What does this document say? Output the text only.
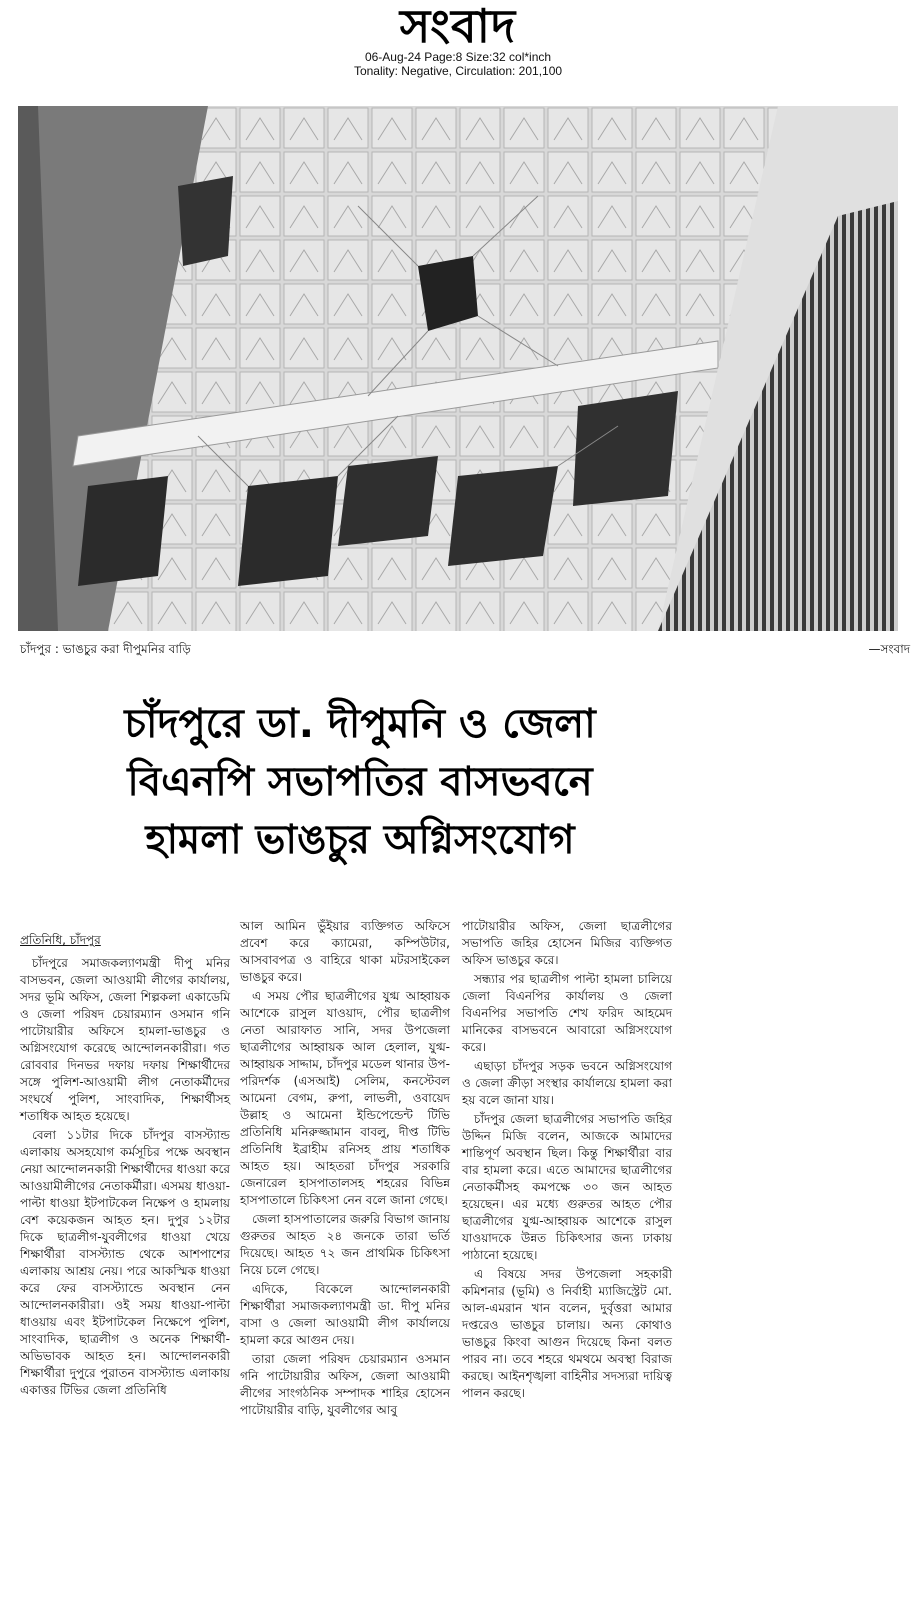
সংবাদ
06-Aug-24 Page:8 Size:32 col*inch
Tonality: Negative, Circulation: 201,100
চাঁদপুর : ভাঙচুর করা দীপুমনির বাড়ি	—সংবাদ
চাঁদপুরে ডা. দীপুমনি ও জেলা
বিএনপি সভাপতির বাসভবনে
হামলা ভাঙচুর অগ্নিসংযোগ

প্রতিনিধি, চাঁদপুর

চাঁদপুরে সমাজকল্যাণমন্ত্রী দীপু মনির বাসভবন, জেলা আওয়ামী লীগের কার্যালয়, সদর ভূমি অফিস, জেলা শিল্পকলা একাডেমি ও জেলা পরিষদ চেয়ারম্যান ওসমান গনি পাটোয়ারীর অফিসে হামলা-ভাঙচুর ও অগ্নিসংযোগ করেছে আন্দোলনকারীরা। গত রোববার দিনভর দফায় দফায় শিক্ষার্থীদের সঙ্গে পুলিশ-আওয়ামী লীগ নেতাকর্মীদের সংঘর্ষে পুলিশ, সাংবাদিক, শিক্ষার্থীসহ শতাধিক আহত হয়েছে।

বেলা ১১টার দিকে চাঁদপুর বাসস্ট্যান্ড এলাকায় অসহযোগ কর্মসূচির পক্ষে অবস্থান নেয়া আন্দোলনকারী শিক্ষার্থীদের ধাওয়া করে আওয়ামীলীগের নেতাকর্মীরা। এসময় ধাওয়া-পাল্টা ধাওয়া ইটপাটকেল নিক্ষেপ ও হামলায় বেশ কয়েকজন আহত হন। দুপুর ১২টার দিকে ছাত্রলীগ-যুবলীগের ধাওয়া খেয়ে শিক্ষার্থীরা বাসস্ট্যান্ড থেকে আশপাশের এলাকায় আশ্রয় নেয়। পরে আকস্মিক ধাওয়া করে ফের বাসস্ট্যান্ডে অবস্থান নেন আন্দোলনকারীরা। ওই সময় ধাওয়া-পাল্টা ধাওয়ায় এবং ইটপাটকেল নিক্ষেপে পুলিশ, সাংবাদিক, ছাত্রলীগ ও অনেক শিক্ষার্থী-অভিভাবক আহত হন। আন্দোলনকারী শিক্ষার্থীরা দুপুরে পুরাতন বাসস্ট্যান্ড এলাকায় একাত্তর টিভির জেলা প্রতিনিধি

আল আমিন ভুঁইয়ার ব্যক্তিগত অফিসে প্রবেশ করে ক্যামেরা, কম্পিউটার, আসবাবপত্র ও বাহিরে থাকা মটরসাইকেল ভাঙচুর করে।

এ সময় পৌর ছাত্রলীগের যুগ্ম আহ্বায়ক আশেকে রাসুল যাওয়াদ, পৌর ছাত্রলীগ নেতা আরাফাত সানি, সদর উপজেলা ছাত্রলীগের আহ্বায়ক আল হেলাল, যুগ্ম-আহ্বায়ক সাদ্দাম, চাঁদপুর মডেল থানার উপ-পরিদর্শক (এসআই) সেলিম, কনস্টেবল আমেনা বেগম, রুপা, লাভলী, ওবায়েদ উল্লাহ ও আমেনা ইন্ডিপেন্ডেন্ট টিভি প্রতিনিধি মনিরুজ্জামান বাবলু, দীপ্ত টিভি প্রতিনিধি ইব্রাহীম রনিসহ প্রায় শতাধিক আহত হয়। আহতরা চাঁদপুর সরকারি জেনারেল হাসপাতালসহ শহরের বিভিন্ন হাসপাতালে চিকিৎসা নেন বলে জানা গেছে।

জেলা হাসপাতালের জরুরি বিভাগ জানায় গুরুতর আহত ২৪ জনকে তারা ভর্তি দিয়েছে। আহত ৭২ জন প্রাথমিক চিকিৎসা নিয়ে চলে গেছে।

এদিকে, বিকেলে আন্দোলনকারী শিক্ষার্থীরা সমাজকল্যাণমন্ত্রী ডা. দীপু মনির বাসা ও জেলা আওয়ামী লীগ কার্যালয়ে হামলা করে আগুন দেয়।

তারা জেলা পরিষদ চেয়ারম্যান ওসমান গনি পাটোয়ারীর অফিস, জেলা আওয়ামী লীগের সাংগঠনিক সম্পাদক শাহির হোসেন পাটোয়ারীর বাড়ি, যুবলীগের আবু

পাটোয়ারীর অফিস, জেলা ছাত্রলীগের সভাপতি জহির হোসেন মিজির ব্যক্তিগত অফিস ভাঙচুর করে।

সন্ধ্যার পর ছাত্রলীগ পাল্টা হামলা চালিয়ে জেলা বিএনপির কার্যালয় ও জেলা বিএনপির সভাপতি শেখ ফরিদ আহমেদ মানিকের বাসভবনে আবারো অগ্নিসংযোগ করে।

এছাড়া চাঁদপুর সড়ক ভবনে অগ্নিসংযোগ ও জেলা ক্রীড়া সংস্থার কার্যালয়ে হামলা করা হয় বলে জানা যায়।

চাঁদপুর জেলা ছাত্রলীগের সভাপতি জহির উদ্দিন মিজি বলেন, আজকে আমাদের শান্তিপূর্ণ অবস্থান ছিল। কিন্তু শিক্ষার্থীরা বার বার হামলা করে। এতে আমাদের ছাত্রলীগের নেতাকর্মীসহ কমপক্ষে ৩০ জন আহত হয়েছেন। এর মধ্যে গুরুতর আহত পৌর ছাত্রলীগের যুগ্ম-আহ্বায়ক আশেকে রাসুল যাওয়াদকে উন্নত চিকিৎসার জন্য ঢাকায় পাঠানো হয়েছে।

এ বিষয়ে সদর উপজেলা সহকারী কমিশনার (ভূমি) ও নির্বাহী ম্যাজিস্ট্রেট মো. আল-এমরান খান বলেন, দুর্বৃত্তরা আমার দপ্তরেও ভাঙচুর চালায়। অন্য কোথাও ভাঙচুর কিংবা আগুন দিয়েছে কিনা বলত পারব না। তবে শহরে থমথমে অবস্থা বিরাজ করছে। আইনশৃঙ্খলা বাহিনীর সদস্যরা দায়িত্ব পালন করছে।
